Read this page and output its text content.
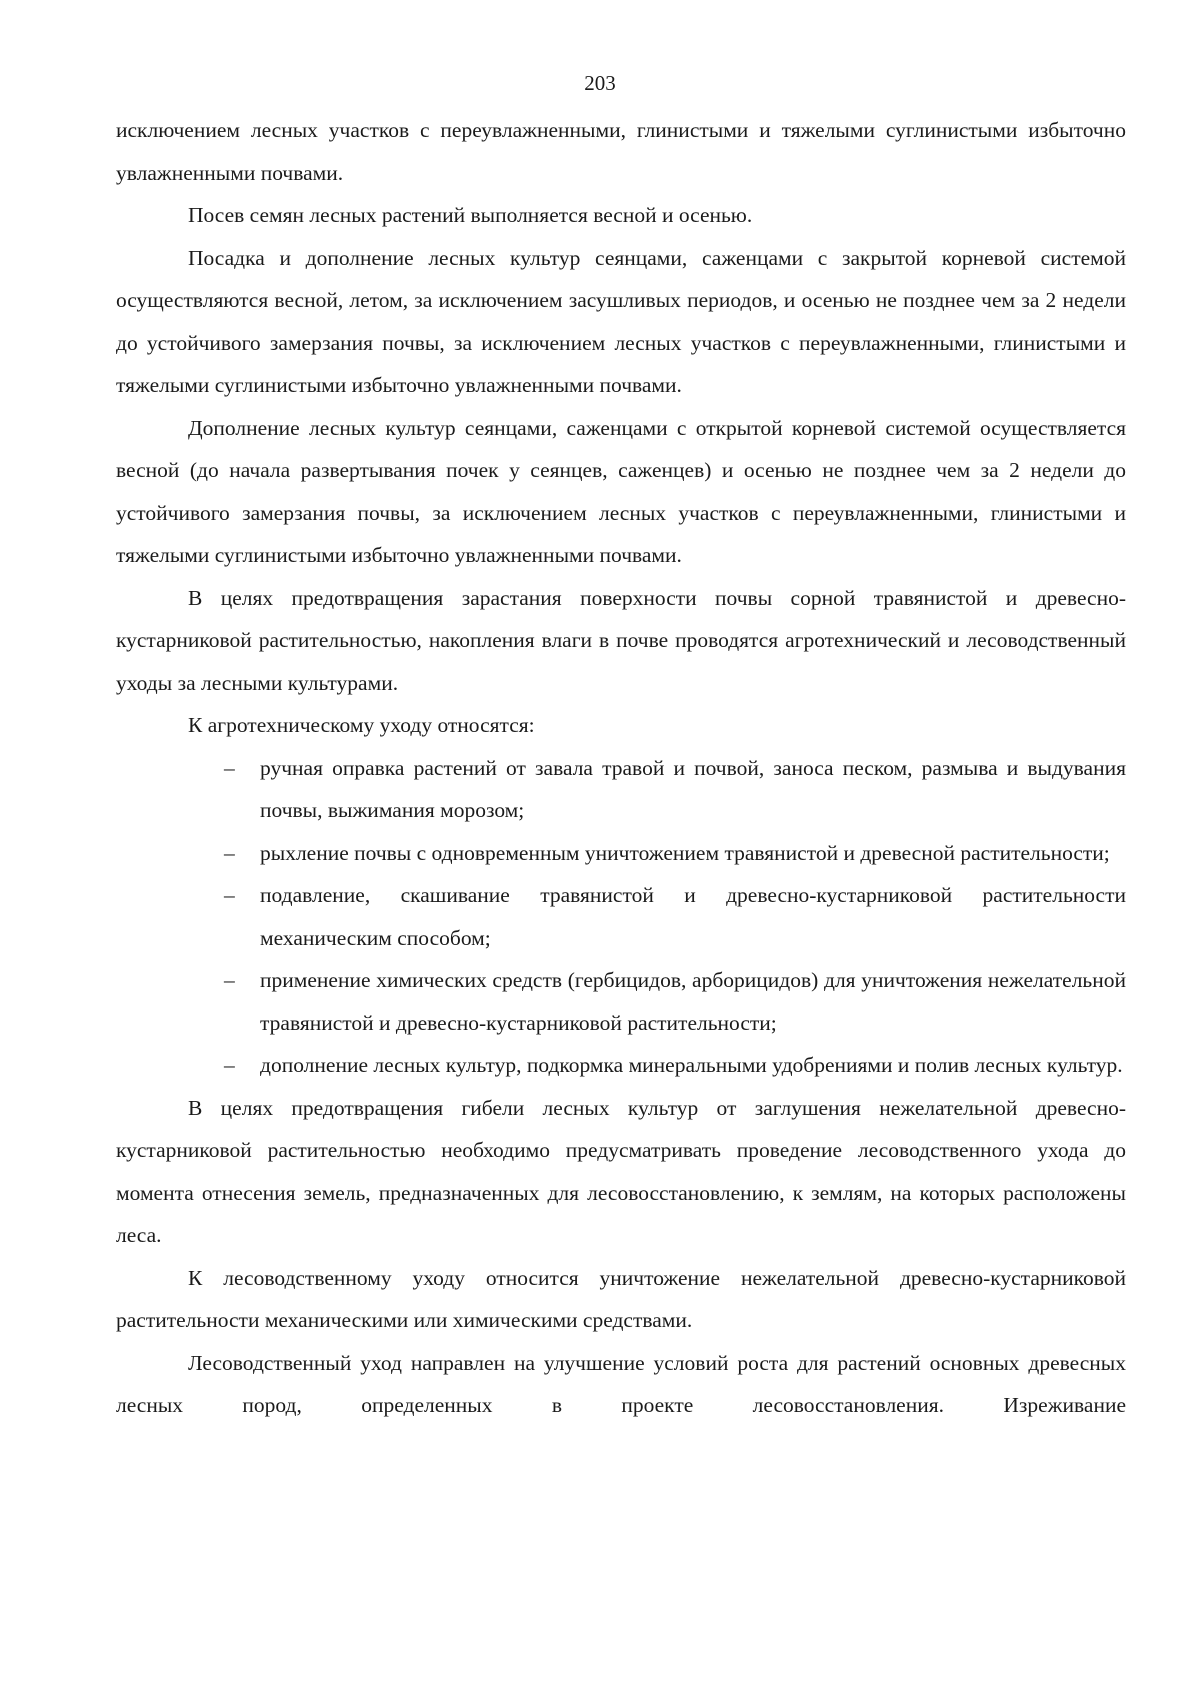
203

исключением лесных участков с переувлажненными, глинистыми и тяжелыми суглинистыми избыточно увлажненными почвами.

Посев семян лесных растений выполняется весной и осенью.

Посадка и дополнение лесных культур сеянцами, саженцами с закрытой корневой системой осуществляются весной, летом, за исключением засушливых периодов, и осенью не позднее чем за 2 недели до устойчивого замерзания почвы, за исключением лесных участков с переувлажненными, глинистыми и тяжелыми суглинистыми избыточно увлажненными почвами.

Дополнение лесных культур сеянцами, саженцами с открытой корневой системой осуществляется весной (до начала развертывания почек у сеянцев, саженцев) и осенью не позднее чем за 2 недели до устойчивого замерзания почвы, за исключением лесных участков с переувлажненными, глинистыми и тяжелыми суглинистыми избыточно увлажненными почвами.

В целях предотвращения зарастания поверхности почвы сорной травянистой и древесно-кустарниковой растительностью, накопления влаги в почве проводятся агротехнический и лесоводственный уходы за лесными культурами.

К агротехническому уходу относятся:

– ручная оправка растений от завала травой и почвой, заноса песком, размыва и выдувания почвы, выжимания морозом;
– рыхление почвы с одновременным уничтожением травянистой и древесной растительности;
– подавление, скашивание травянистой и древесно-кустарниковой растительности механическим способом;
– применение химических средств (гербицидов, арборицидов) для уничтожения нежелательной травянистой и древесно-кустарниковой растительности;
– дополнение лесных культур, подкормка минеральными удобрениями и полив лесных культур.

В целях предотвращения гибели лесных культур от заглушения нежелательной древесно-кустарниковой растительностью необходимо предусматривать проведение лесоводственного ухода до момента отнесения земель, предназначенных для лесовосстановлению, к землям, на которых расположены леса.

К лесоводственному уходу относится уничтожение нежелательной древесно-кустарниковой растительности механическими или химическими средствами.

Лесоводственный уход направлен на улучшение условий роста для растений основных древесных лесных пород, определенных в проекте лесовосстановления. Изреживание
